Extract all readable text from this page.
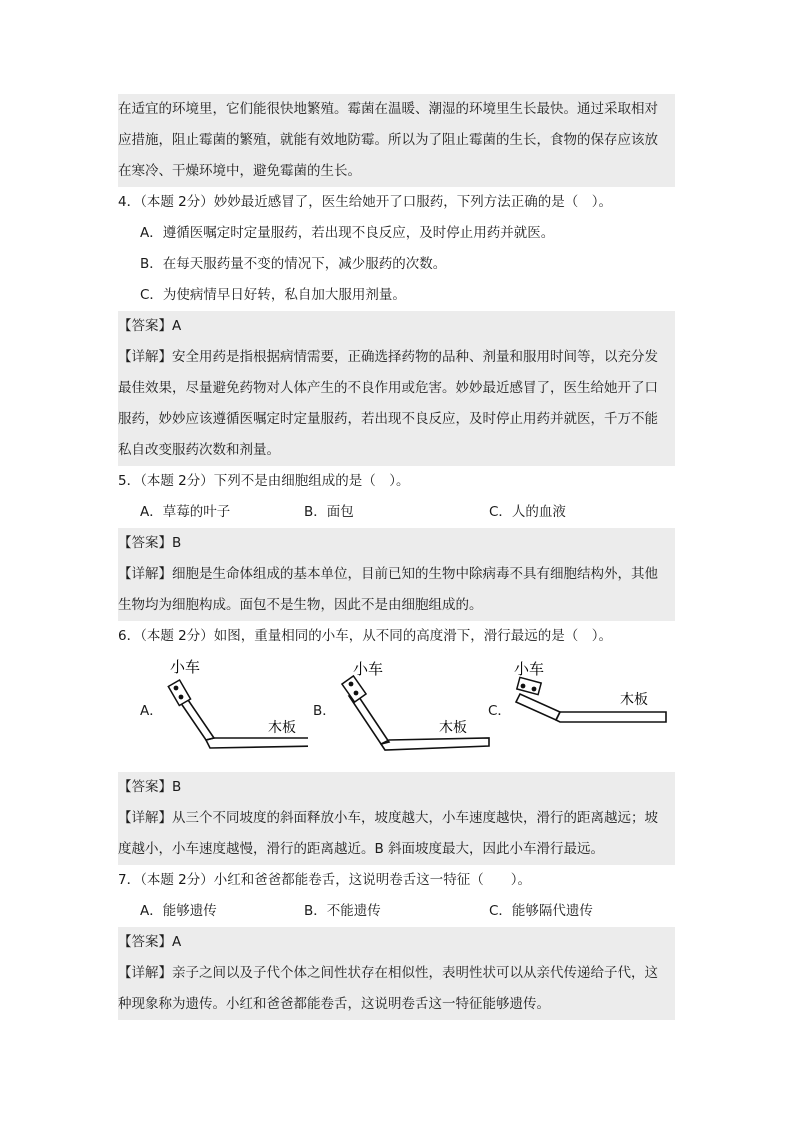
在适宜的环境里，它们能很快地繁殖。霉菌在温暖、潮湿的环境里生长最快。通过采取相对
应措施，阻止霉菌的繁殖，就能有效地防霉。所以为了阻止霉菌的生长，食物的保存应该放
在寒冷、干燥环境中，避免霉菌的生长。
4．（本题 2分）妙妙最近感冒了，医生给她开了口服药，下列方法正确的是（　）。
A．遵循医嘱定时定量服药，若出现不良反应，及时停止用药并就医。
B．在每天服药量不变的情况下，减少服药的次数。
C．为使病情早日好转，私自加大服用剂量。
【答案】A
【详解】安全用药是指根据病情需要，正确选择药物的品种、剂量和服用时间等，以充分发
最佳效果，尽量避免药物对人体产生的不良作用或危害。妙妙最近感冒了，医生给她开了口
服药，妙妙应该遵循医嘱定时定量服药，若出现不良反应，及时停止用药并就医，千万不能
私自改变服药次数和剂量。
5．（本题 2分）下列不是由细胞组成的是（　）。
A．草莓的叶子	B．面包	C．人的血液
【答案】B
【详解】细胞是生命体组成的基本单位，目前已知的生物中除病毒不具有细胞结构外，其他
生物均为细胞构成。面包不是生物，因此不是由细胞组成的。
6．（本题 2分）如图，重量相同的小车，从不同的高度滑下，滑行最远的是（　）。
A．
小车
木板
B．
小车
木板
C．
小车
木板
【答案】B
【详解】从三个不同坡度的斜面释放小车，坡度越大，小车速度越快，滑行的距离越远；坡
度越小，小车速度越慢，滑行的距离越近。B 斜面坡度最大，因此小车滑行最远。
7．（本题 2分）小红和爸爸都能卷舌，这说明卷舌这一特征（　　）。
A．能够遗传	B．不能遗传	C．能够隔代遗传
【答案】A
【详解】亲子之间以及子代个体之间性状存在相似性，表明性状可以从亲代传递给子代，这
种现象称为遗传。小红和爸爸都能卷舌，这说明卷舌这一特征能够遗传。
